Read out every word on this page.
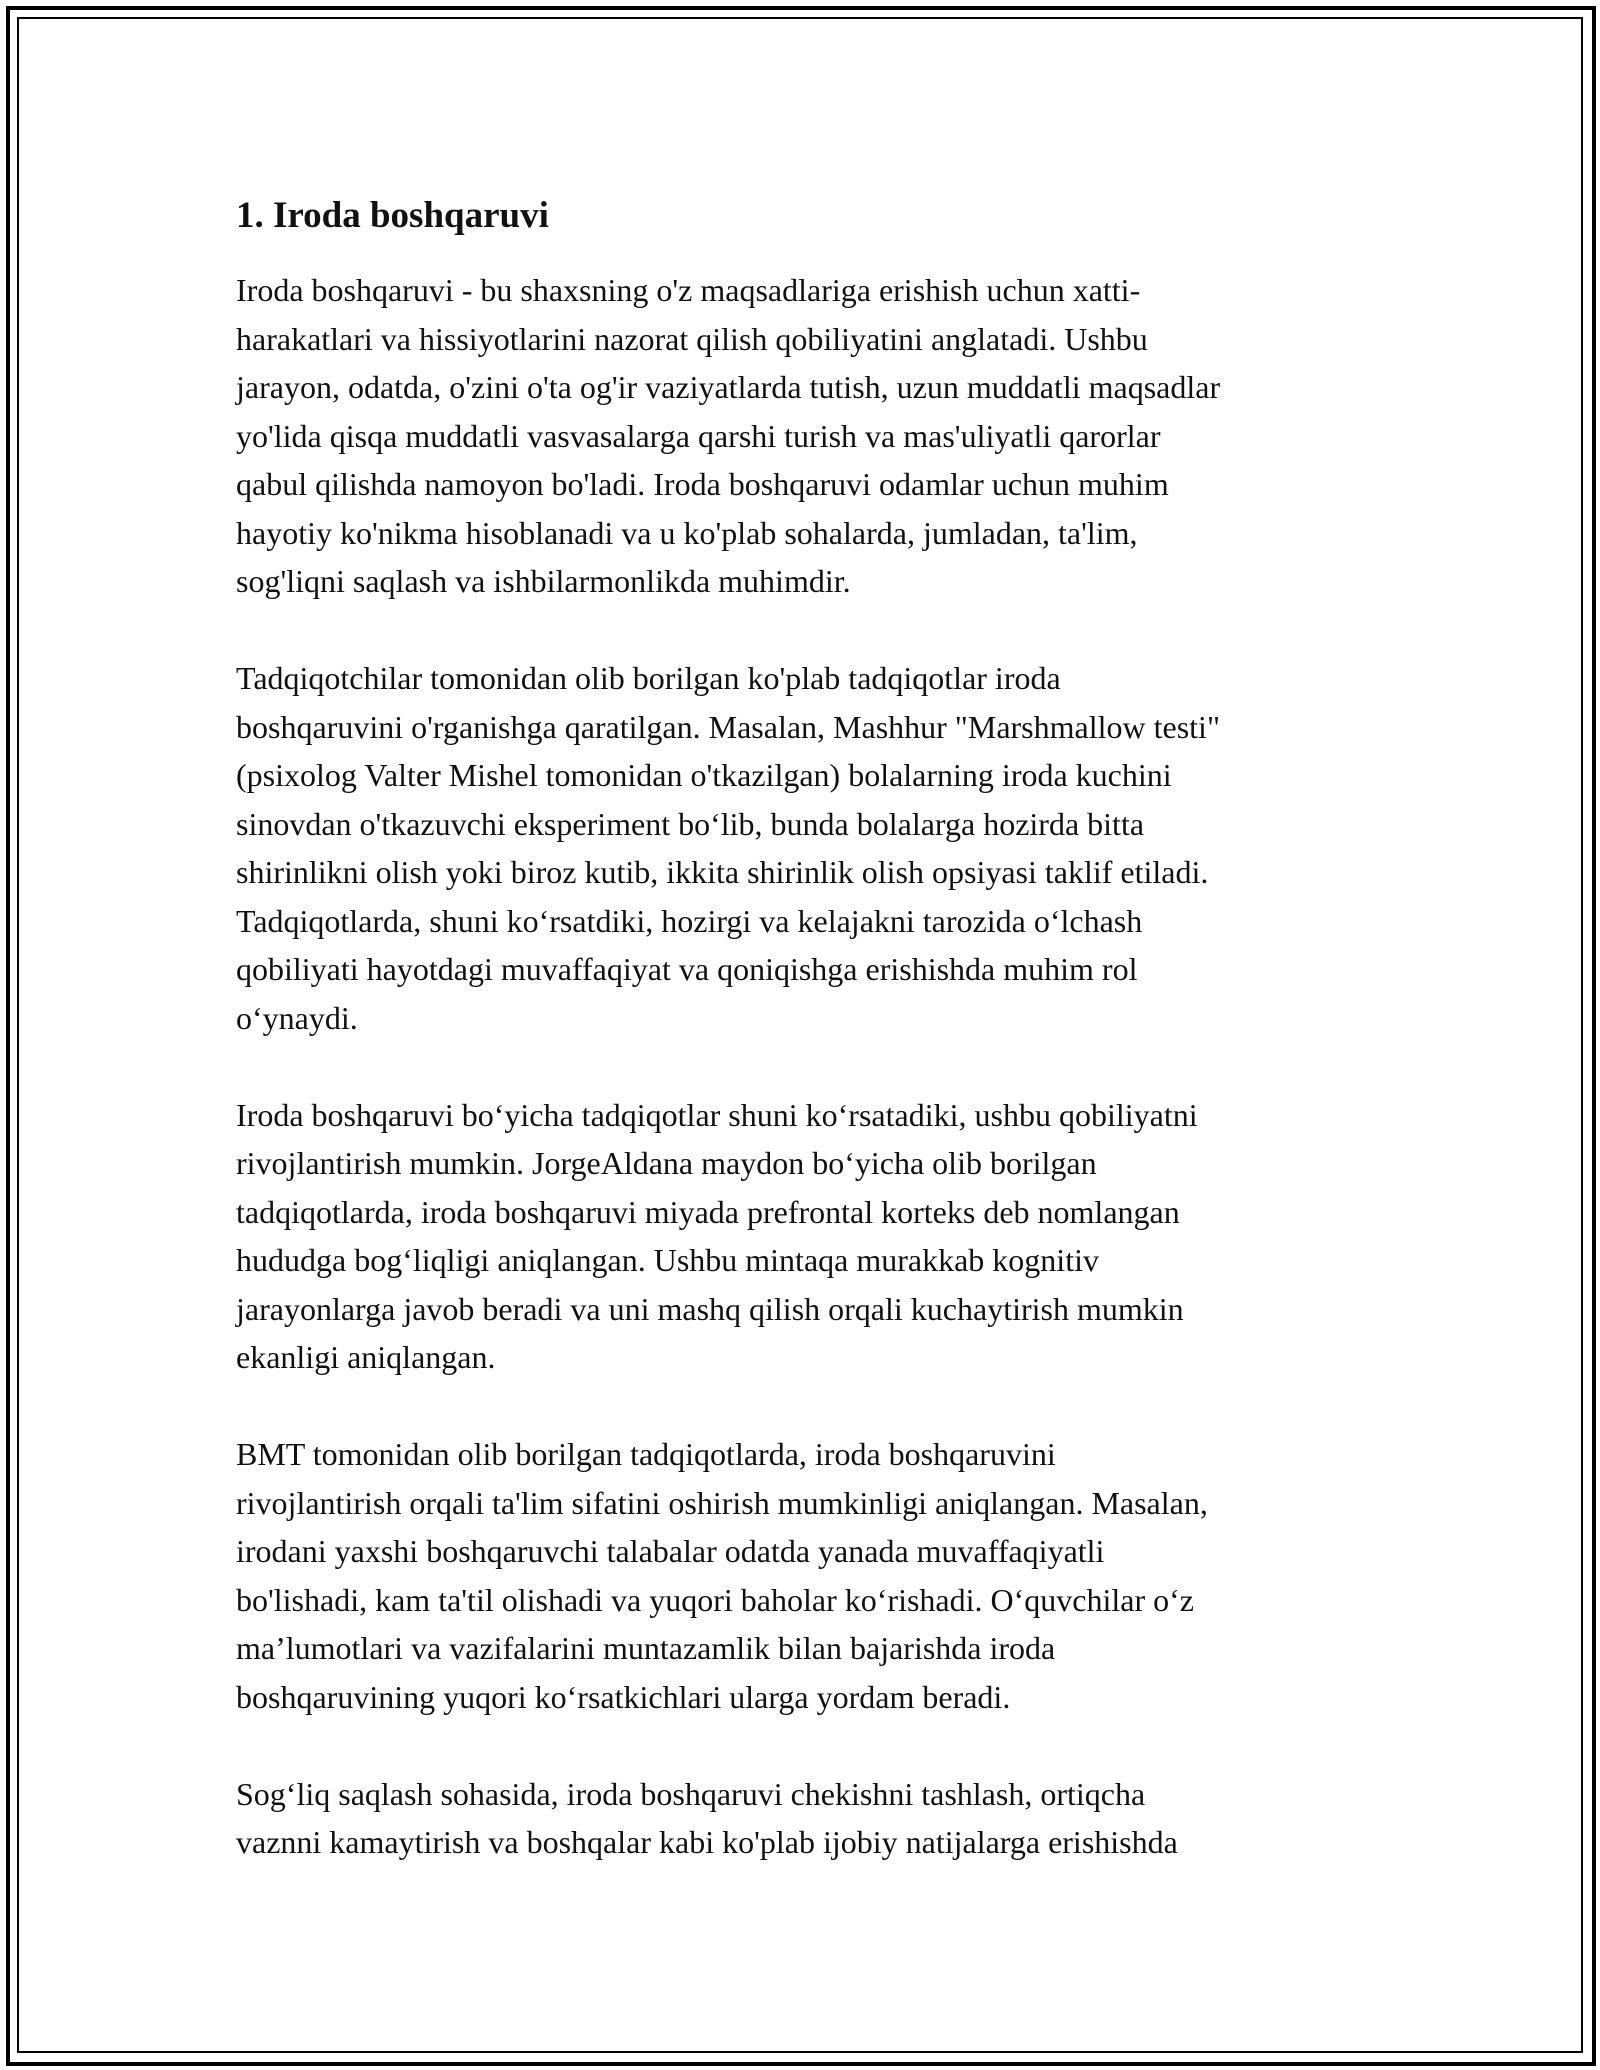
1. Iroda boshqaruvi
Iroda boshqaruvi - bu shaxsning o'z maqsadlariga erishish uchun xatti-
harakatlari va hissiyotlarini nazorat qilish qobiliyatini anglatadi. Ushbu
jarayon, odatda, o'zini o'ta og'ir vaziyatlarda tutish, uzun muddatli maqsadlar
yo'lida qisqa muddatli vasvasalarga qarshi turish va mas'uliyatli qarorlar
qabul qilishda namoyon bo'ladi. Iroda boshqaruvi odamlar uchun muhim
hayotiy ko'nikma hisoblanadi va u ko'plab sohalarda, jumladan, ta'lim,
sog'liqni saqlash va ishbilarmonlikda muhimdir.
Tadqiqotchilar tomonidan olib borilgan ko'plab tadqiqotlar iroda
boshqaruvini o'rganishga qaratilgan. Masalan, Mashhur "Marshmallow testi"
(psixolog Valter Mishel tomonidan o'tkazilgan) bolalarning iroda kuchini
sinovdan o'tkazuvchi eksperiment bo‘lib, bunda bolalarga hozirda bitta
shirinlikni olish yoki biroz kutib, ikkita shirinlik olish opsiyasi taklif etiladi.
Tadqiqotlarda, shuni ko‘rsatdiki, hozirgi va kelajakni tarozida o‘lchash
qobiliyati hayotdagi muvaffaqiyat va qoniqishga erishishda muhim rol
o‘ynaydi.
Iroda boshqaruvi bo‘yicha tadqiqotlar shuni ko‘rsatadiki, ushbu qobiliyatni
rivojlantirish mumkin. JorgeAldana maydon bo‘yicha olib borilgan
tadqiqotlarda, iroda boshqaruvi miyada prefrontal korteks deb nomlangan
hududga bog‘liqligi aniqlangan. Ushbu mintaqa murakkab kognitiv
jarayonlarga javob beradi va uni mashq qilish orqali kuchaytirish mumkin
ekanligi aniqlangan.
BMT tomonidan olib borilgan tadqiqotlarda, iroda boshqaruvini
rivojlantirish orqali ta'lim sifatini oshirish mumkinligi aniqlangan. Masalan,
irodani yaxshi boshqaruvchi talabalar odatda yanada muvaffaqiyatli
bo'lishadi, kam ta'til olishadi va yuqori baholar ko‘rishadi. O‘quvchilar o‘z
ma’lumotlari va vazifalarini muntazamlik bilan bajarishda iroda
boshqaruvining yuqori ko‘rsatkichlari ularga yordam beradi.
Sog‘liq saqlash sohasida, iroda boshqaruvi chekishni tashlash, ortiqcha
vaznni kamaytirish va boshqalar kabi ko'plab ijobiy natijalarga erishishda
